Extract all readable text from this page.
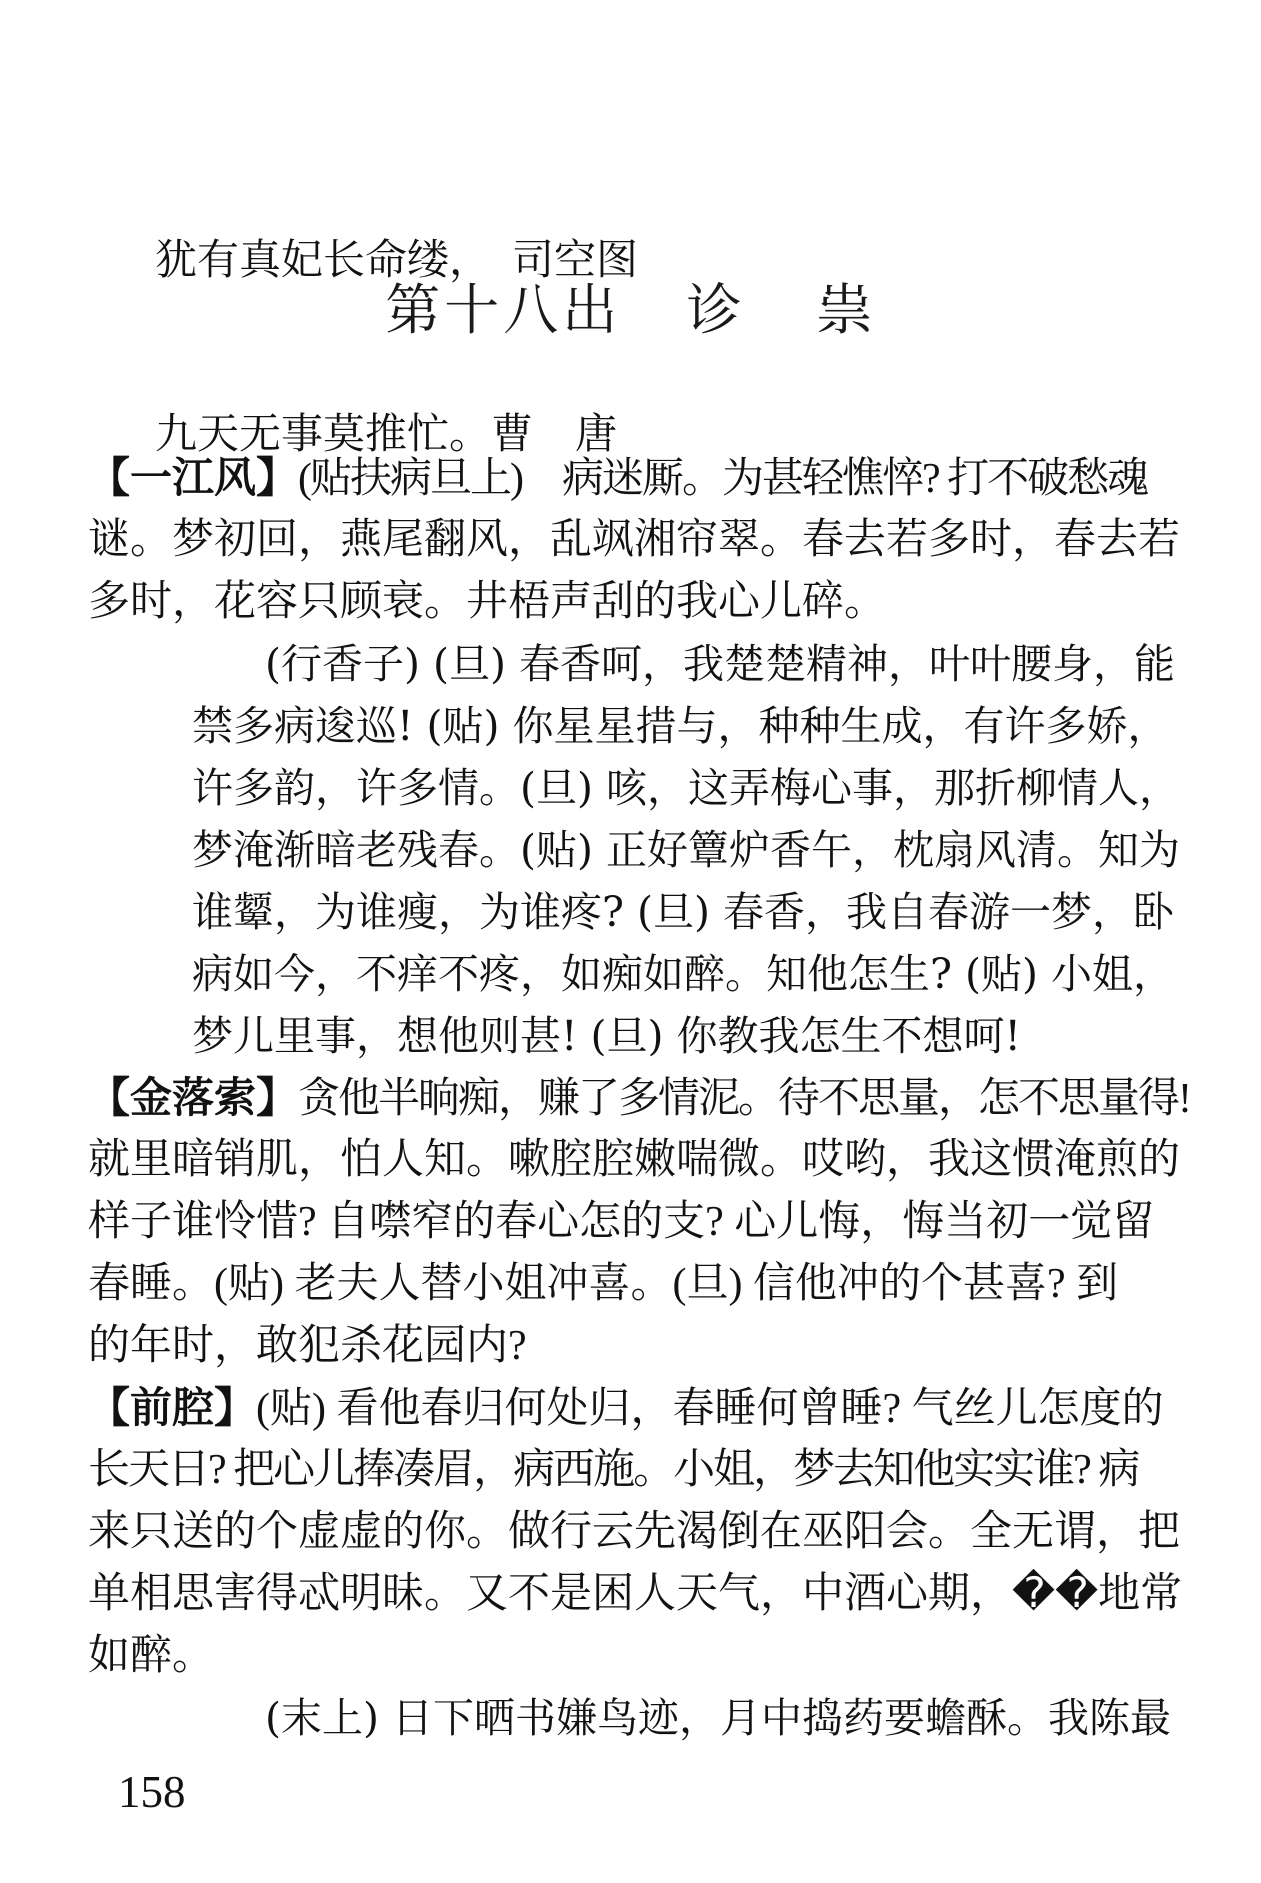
犹有真妃长命缕，　司空图

九天无事莫推忙。曹　唐

第十八出 诊 祟
【一江风】(贴扶病旦上)　病迷厮。为甚轻憔悴? 打不破愁魂
谜。梦初回，燕尾翻风，乱飒湘帘翠。春去若多时，春去若
多时，花容只顾衰。井梧声刮的我心儿碎。
(行香子) (旦) 春香呵，我楚楚精神，叶叶腰身，能
禁多病逡巡! (贴) 你星星措与，种种生成，有许多娇，
许多韵，许多情。(旦) 咳，这弄梅心事，那折柳情人，
梦淹渐暗老残春。(贴) 正好簟炉香午，枕扇风清。知为
谁颦，为谁瘦，为谁疼? (旦) 春香，我自春游一梦，卧
病如今，不痒不疼，如痴如醉。知他怎生? (贴) 小姐，
梦儿里事，想他则甚! (旦) 你教我怎生不想呵!
【金落索】贪他半晌痴，赚了多情泥。待不思量，怎不思量得!
就里暗销肌，怕人知。嗽腔腔嫩喘微。哎哟，我这惯淹煎的
样子谁怜惜? 自噤窄的春心怎的支? 心儿悔，悔当初一觉留
春睡。(贴) 老夫人替小姐冲喜。(旦) 信他冲的个甚喜? 到
的年时，敢犯杀花园内?
【前腔】(贴) 看他春归何处归，春睡何曾睡? 气丝儿怎度的
长天日? 把心儿捧凑眉，病西施。小姐，梦去知他实实谁? 病
来只送的个虚虚的你。做行云先渴倒在巫阳会。全无谓，把
单相思害得忒明昧。又不是困人天气，中酒心期，��地常
如醉。
(末上) 日下晒书嫌鸟迹，月中捣药要蟾酥。我陈最
158
